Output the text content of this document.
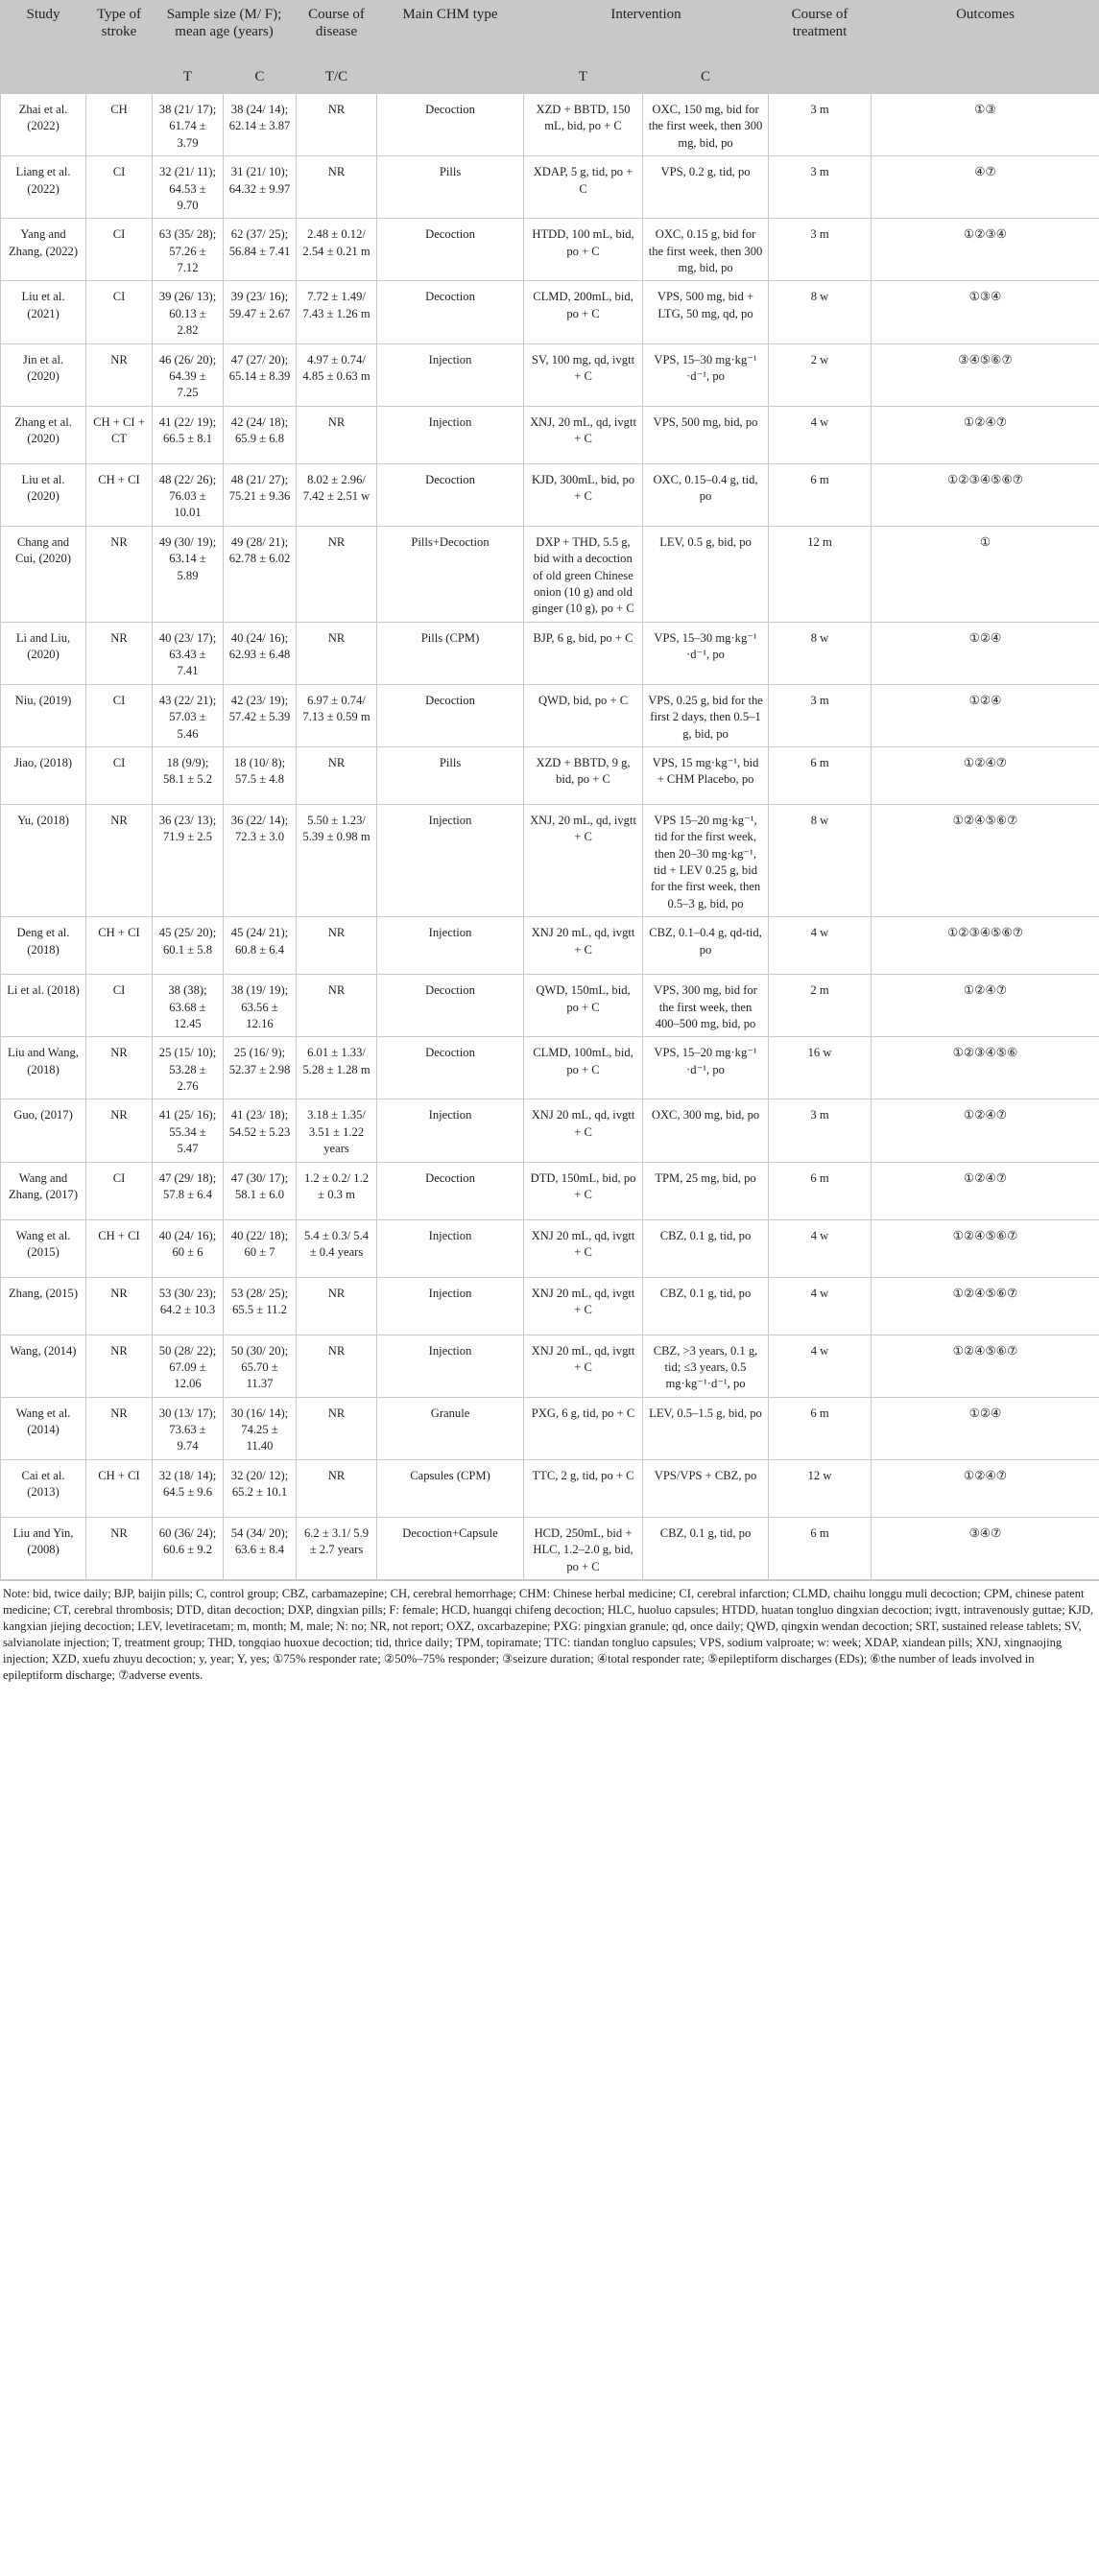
Study	Type of stroke	Sample size (M/ F); mean age (years)		Course of disease	Main CHM type	Intervention		Course of treatment	Outcomes
		T	C	T/C		T	C		
Zhai et al. (2022)	CH	38 (21/ 17); 61.74 ± 3.79	38 (24/ 14); 62.14 ± 3.87	NR	Decoction	XZD + BBTD, 150 mL, bid, po + C	OXC, 150 mg, bid for the first week, then 300 mg, bid, po	3 m	①③
Liang et al. (2022)	CI	32 (21/ 11); 64.53 ± 9.70	31 (21/ 10); 64.32 ± 9.97	NR	Pills	XDAP, 5 g, tid, po + C	VPS, 0.2 g, tid, po	3 m	④⑦
Yang and Zhang, (2022)	CI	63 (35/ 28); 57.26 ± 7.12	62 (37/ 25); 56.84 ± 7.41	2.48 ± 0.12/ 2.54 ± 0.21 m	Decoction	HTDD, 100 mL, bid, po + C	OXC, 0.15 g, bid for the first week, then 300 mg, bid, po	3 m	①②③④
Liu et al. (2021)	CI	39 (26/ 13); 60.13 ± 2.82	39 (23/ 16); 59.47 ± 2.67	7.72 ± 1.49/ 7.43 ± 1.26 m	Decoction	CLMD, 200mL, bid, po + C	VPS, 500 mg, bid + LTG, 50 mg, qd, po	8 w	①③④
Jin et al. (2020)	NR	46 (26/ 20); 64.39 ± 7.25	47 (27/ 20); 65.14 ± 8.39	4.97 ± 0.74/ 4.85 ± 0.63 m	Injection	SV, 100 mg, qd, ivgtt + C	VPS, 15–30 mg·kg⁻¹ ·d⁻¹, po	2 w	③④⑤⑥⑦
Zhang et al. (2020)	CH + CI + CT	41 (22/ 19); 66.5 ± 8.1	42 (24/ 18); 65.9 ± 6.8	NR	Injection	XNJ, 20 mL, qd, ivgtt + C	VPS, 500 mg, bid, po	4 w	①②④⑦
Liu et al. (2020)	CH + CI	48 (22/ 26); 76.03 ± 10.01	48 (21/ 27); 75.21 ± 9.36	8.02 ± 2.96/ 7.42 ± 2.51 w	Decoction	KJD, 300mL, bid, po + C	OXC, 0.15–0.4 g, tid, po	6 m	①②③④⑤⑥⑦
Chang and Cui, (2020)	NR	49 (30/ 19); 63.14 ± 5.89	49 (28/ 21); 62.78 ± 6.02	NR	Pills+Decoction	DXP + THD, 5.5 g, bid with a decoction of old green Chinese onion (10 g) and old ginger (10 g), po + C	LEV, 0.5 g, bid, po	12 m	①
Li and Liu, (2020)	NR	40 (23/ 17); 63.43 ± 7.41	40 (24/ 16); 62.93 ± 6.48	NR	Pills (CPM)	BJP, 6 g, bid, po + C	VPS, 15–30 mg·kg⁻¹ ·d⁻¹, po	8 w	①②④
Niu, (2019)	CI	43 (22/ 21); 57.03 ± 5.46	42 (23/ 19); 57.42 ± 5.39	6.97 ± 0.74/ 7.13 ± 0.59 m	Decoction	QWD, bid, po + C	VPS, 0.25 g, bid for the first 2 days, then 0.5–1 g, bid, po	3 m	①②④
Jiao, (2018)	CI	18 (9/9); 58.1 ± 5.2	18 (10/ 8); 57.5 ± 4.8	NR	Pills	XZD + BBTD, 9 g, bid, po + C	VPS, 15 mg·kg⁻¹, bid + CHM Placebo, po	6 m	①②④⑦
Yu, (2018)	NR	36 (23/ 13); 71.9 ± 2.5	36 (22/ 14); 72.3 ± 3.0	5.50 ± 1.23/ 5.39 ± 0.98 m	Injection	XNJ, 20 mL, qd, ivgtt + C	VPS 15–20 mg·kg⁻¹, tid for the first week, then 20–30 mg·kg⁻¹, tid + LEV 0.25 g, bid for the first week, then 0.5–3 g, bid, po	8 w	①②④⑤⑥⑦
Deng et al. (2018)	CH + CI	45 (25/ 20); 60.1 ± 5.8	45 (24/ 21); 60.8 ± 6.4	NR	Injection	XNJ 20 mL, qd, ivgtt + C	CBZ, 0.1–0.4 g, qd-tid, po	4 w	①②③④⑤⑥⑦
Li et al. (2018)	CI	38 (38); 63.68 ± 12.45	38 (19/ 19); 63.56 ± 12.16	NR	Decoction	QWD, 150mL, bid, po + C	VPS, 300 mg, bid for the first week, then 400–500 mg, bid, po	2 m	①②④⑦
Liu and Wang, (2018)	NR	25 (15/ 10); 53.28 ± 2.76	25 (16/ 9); 52.37 ± 2.98	6.01 ± 1.33/ 5.28 ± 1.28 m	Decoction	CLMD, 100mL, bid, po + C	VPS, 15–20 mg·kg⁻¹ ·d⁻¹, po	16 w	①②③④⑤⑥
Guo, (2017)	NR	41 (25/ 16); 55.34 ± 5.47	41 (23/ 18); 54.52 ± 5.23	3.18 ± 1.35/ 3.51 ± 1.22 years	Injection	XNJ 20 mL, qd, ivgtt + C	OXC, 300 mg, bid, po	3 m	①②④⑦
Wang and Zhang, (2017)	CI	47 (29/ 18); 57.8 ± 6.4	47 (30/ 17); 58.1 ± 6.0	1.2 ± 0.2/ 1.2 ± 0.3 m	Decoction	DTD, 150mL, bid, po + C	TPM, 25 mg, bid, po	6 m	①②④⑦
Wang et al. (2015)	CH + CI	40 (24/ 16); 60 ± 6	40 (22/ 18); 60 ± 7	5.4 ± 0.3/ 5.4 ± 0.4 years	Injection	XNJ 20 mL, qd, ivgtt + C	CBZ, 0.1 g, tid, po	4 w	①②④⑤⑥⑦
Zhang, (2015)	NR	53 (30/ 23); 64.2 ± 10.3	53 (28/ 25); 65.5 ± 11.2	NR	Injection	XNJ 20 mL, qd, ivgtt + C	CBZ, 0.1 g, tid, po	4 w	①②④⑤⑥⑦
Wang, (2014)	NR	50 (28/ 22); 67.09 ± 12.06	50 (30/ 20); 65.70 ± 11.37	NR	Injection	XNJ 20 mL, qd, ivgtt + C	CBZ, >3 years, 0.1 g, tid; ≤3 years, 0.5 mg·kg⁻¹·d⁻¹, po	4 w	①②④⑤⑥⑦
Wang et al. (2014)	NR	30 (13/ 17); 73.63 ± 9.74	30 (16/ 14); 74.25 ± 11.40	NR	Granule	PXG, 6 g, tid, po + C	LEV, 0.5–1.5 g, bid, po	6 m	①②④
Cai et al. (2013)	CH + CI	32 (18/ 14); 64.5 ± 9.6	32 (20/ 12); 65.2 ± 10.1	NR	Capsules (CPM)	TTC, 2 g, tid, po + C	VPS/VPS + CBZ, po	12 w	①②④⑦
Liu and Yin, (2008)	NR	60 (36/ 24); 60.6 ± 9.2	54 (34/ 20); 63.6 ± 8.4	6.2 ± 3.1/ 5.9 ± 2.7 years	Decoction+Capsule	HCD, 250mL, bid + HLC, 1.2–2.0 g, bid, po + C	CBZ, 0.1 g, tid, po	6 m	③④⑦
Note: bid, twice daily; BJP, baijin pills; C, control group; CBZ, carbamazepine; CH, cerebral hemorrhage; CHM: Chinese herbal medicine; CI, cerebral infarction; CLMD, chaihu longgu muli decoction; CPM, chinese patent medicine; CT, cerebral thrombosis; DTD, ditan decoction; DXP, dingxian pills; F: female; HCD, huangqi chifeng decoction; HLC, huoluo capsules; HTDD, huatan tongluo dingxian decoction; ivgtt, intravenously guttae; KJD, kangxian jiejing decoction; LEV, levetiracetam; m, month; M, male; N: no; NR, not report; OXZ, oxcarbazepine; PXG: pingxian granule; qd, once daily; QWD, qingxin wendan decoction; SRT, sustained release tablets; SV, salvianolate injection; T, treatment group; THD, tongqiao huoxue decoction; tid, thrice daily; TPM, topiramate; TTC: tiandan tongluo capsules; VPS, sodium valproate; w: week; XDAP, xiandean pills; XNJ, xingnaojing injection; XZD, xuefu zhuyu decoction; y, year; Y, yes; ①75% responder rate; ②50%–75% responder; ③seizure duration; ④total responder rate; ⑤epileptiform discharges (EDs); ⑥the number of leads involved in epileptiform discharge; ⑦adverse events.
